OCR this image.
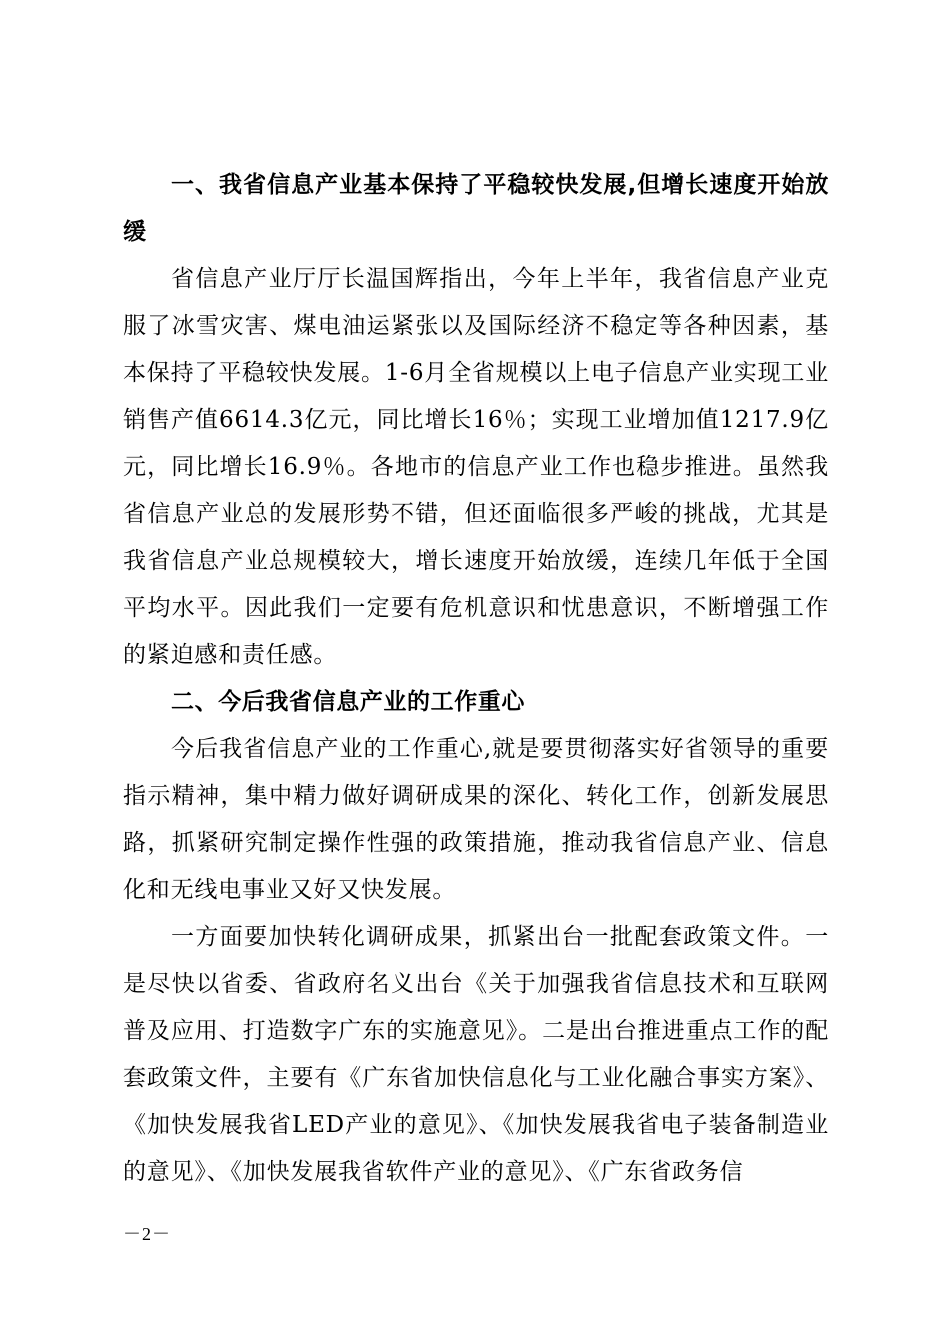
一、我省信息产业基本保持了平稳较快发展,但增长速度开始放缓

省信息产业厅厅长温国辉指出，今年上半年，我省信息产业克服了冰雪灾害、煤电油运紧张以及国际经济不稳定等各种因素，基本保持了平稳较快发展。1-6月全省规模以上电子信息产业实现工业销售产值6614.3亿元，同比增长16％；实现工业增加值1217.9亿元，同比增长16.9％。各地市的信息产业工作也稳步推进。虽然我省信息产业总的发展形势不错，但还面临很多严峻的挑战，尤其是我省信息产业总规模较大，增长速度开始放缓，连续几年低于全国平均水平。因此我们一定要有危机意识和忧患意识，不断增强工作的紧迫感和责任感。

二、今后我省信息产业的工作重心

今后我省信息产业的工作重心,就是要贯彻落实好省领导的重要指示精神，集中精力做好调研成果的深化、转化工作，创新发展思路，抓紧研究制定操作性强的政策措施，推动我省信息产业、信息化和无线电事业又好又快发展。

一方面要加快转化调研成果，抓紧出台一批配套政策文件。一是尽快以省委、省政府名义出台《关于加强我省信息技术和互联网普及应用、打造数字广东的实施意见》。二是出台推进重点工作的配套政策文件，主要有《广东省加快信息化与工业化融合事实方案》、《加快发展我省LED产业的意见》、《加快发展我省电子装备制造业的意见》、《加快发展我省软件产业的意见》、《广东省政务信

－2－
